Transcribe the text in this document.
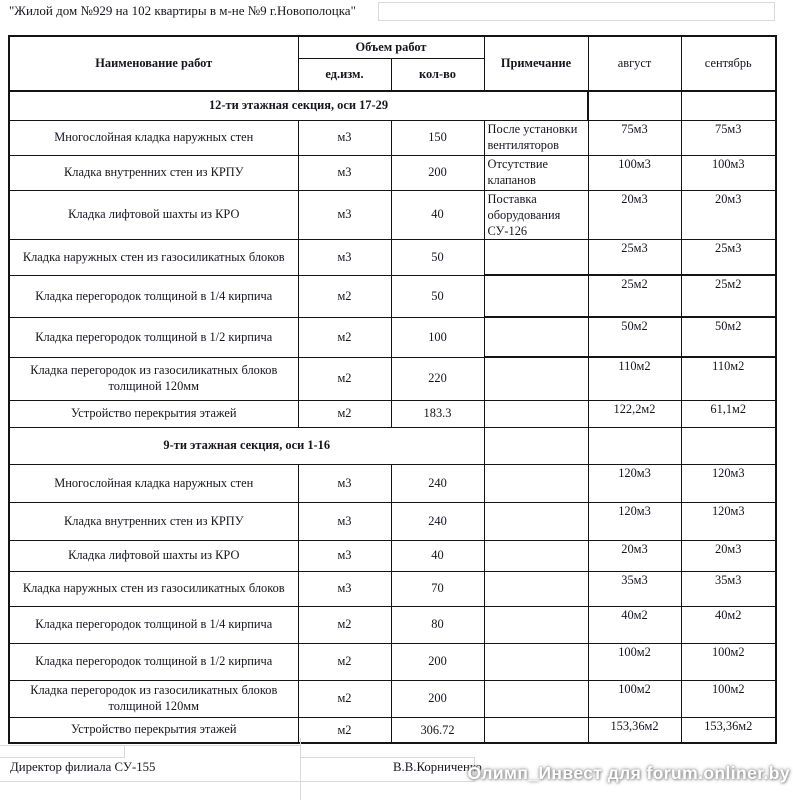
"Жилой дом №929 на 102 квартиры в м-не №9 г.Новополоцка"
Наименование работ	Объем работ		Примечание	август	сентябрь
	ед.изм.	кол-во			
12-ти этажная секция, оси 17-29					
Многослойная кладка наружных стен	м3	150	После установки вентиляторов	75м3	75м3
Кладка внутренних стен из КРПУ	м3	200	Отсутствие клапанов	100м3	100м3
Кладка лифтовой шахты из КРО	м3	40	Поставка оборудования СУ-126	20м3	20м3
Кладка наружных стен из газосиликатных блоков	м3	50		25м3	25м3
Кладка перегородок толщиной в 1/4 кирпича	м2	50		25м2	25м2
Кладка перегородок толщиной в 1/2 кирпича	м2	100		50м2	50м2
Кладка перегородок из газосиликатных блоков толщиной 120мм	м2	220		110м2	110м2
Устройство перекрытия этажей	м2	183.3		122,2м2	61,1м2
9-ти этажная секция, оси 1-16					
Многослойная кладка наружных стен	м3	240		120м3	120м3
Кладка внутренних стен из КРПУ	м3	240		120м3	120м3
Кладка лифтовой шахты из КРО	м3	40		20м3	20м3
Кладка наружных стен из газосиликатных блоков	м3	70		35м3	35м3
Кладка перегородок толщиной в 1/4 кирпича	м2	80		40м2	40м2
Кладка перегородок толщиной в 1/2 кирпича	м2	200		100м2	100м2
Кладка перегородок из газосиликатных блоков толщиной 120мм	м2	200		100м2	100м2
Устройство перекрытия этажей	м2	306.72		153,36м2	153,36м2
Директор филиала СУ-155	В.В.Корниченко
Олимп_Инвест для forum.onliner.by
